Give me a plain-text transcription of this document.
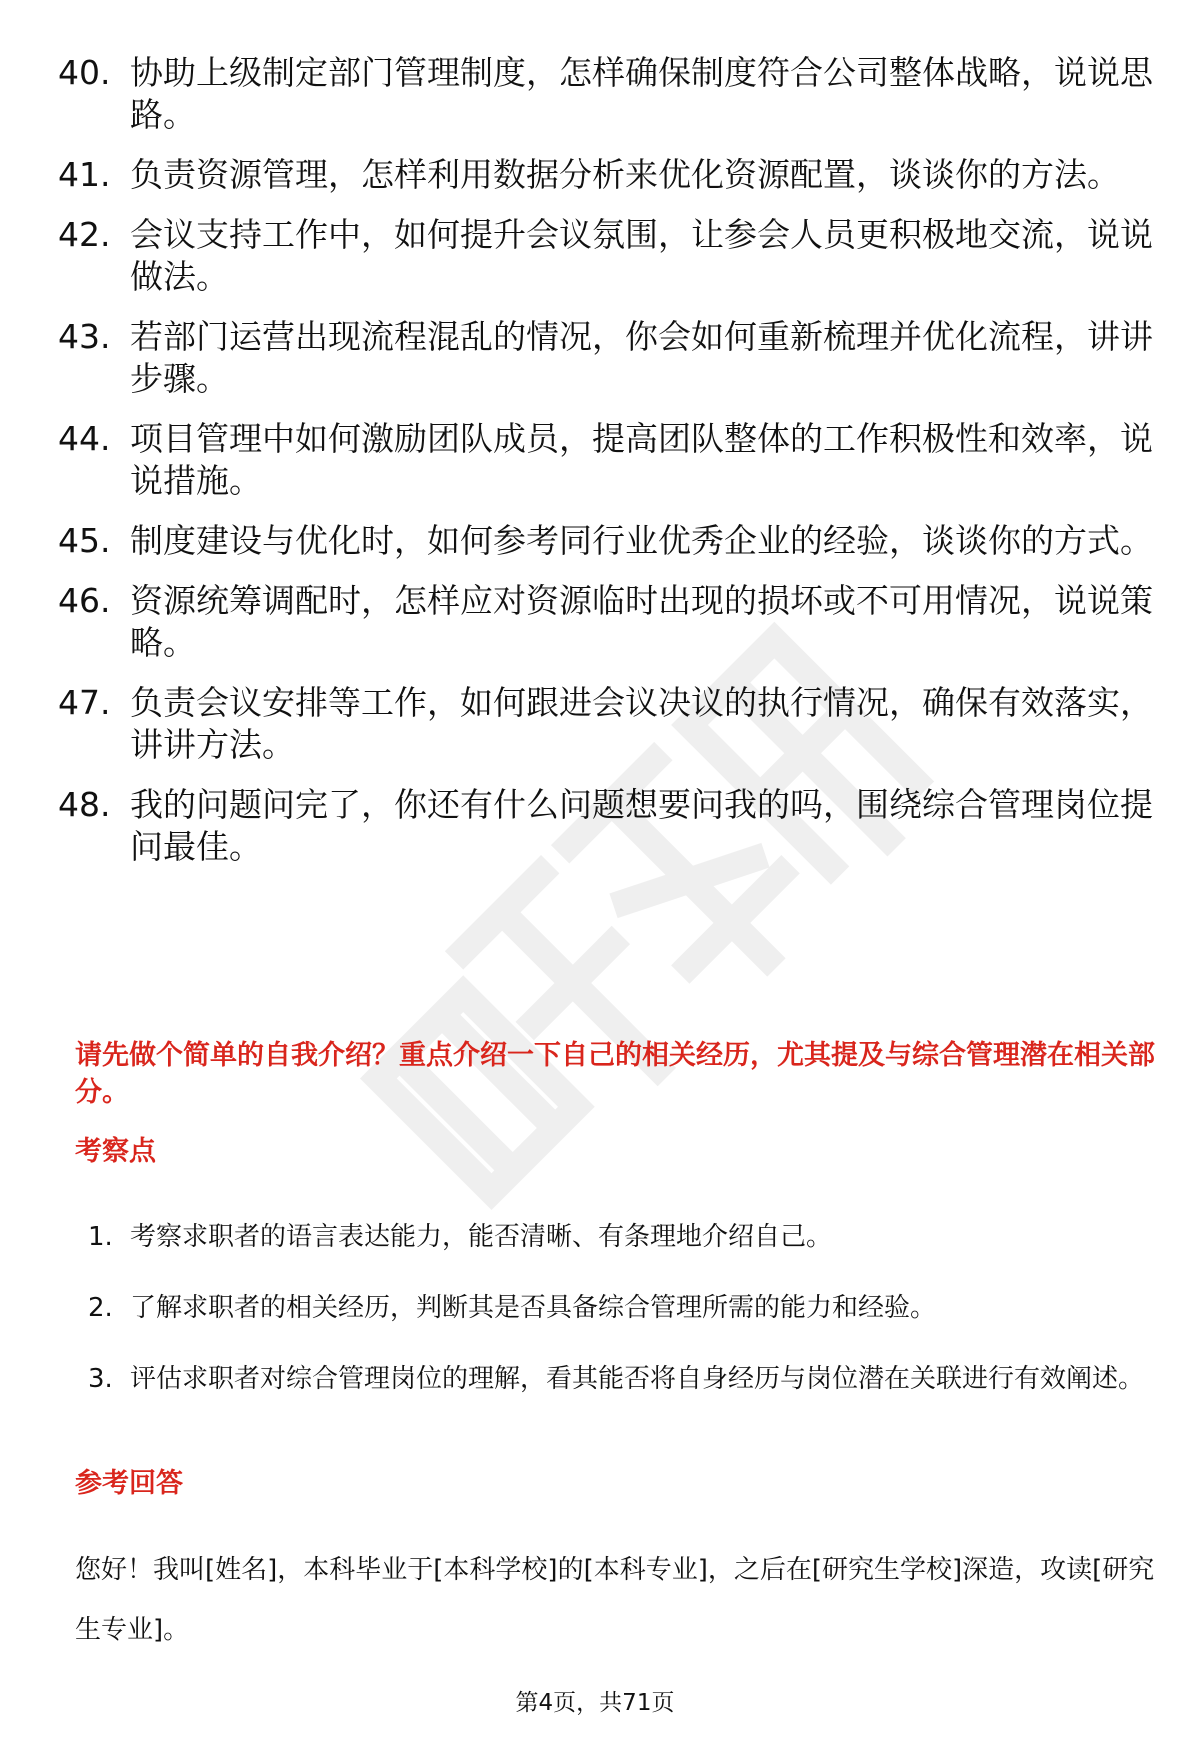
40. 协助上级制定部门管理制度，怎样确保制度符合公司整体战略，说说思路。
41. 负责资源管理，怎样利用数据分析来优化资源配置，谈谈你的方法。
42. 会议支持工作中，如何提升会议氛围，让参会人员更积极地交流，说说做法。
43. 若部门运营出现流程混乱的情况，你会如何重新梳理并优化流程，讲讲步骤。
44. 项目管理中如何激励团队成员，提高团队整体的工作积极性和效率，说说措施。
45. 制度建设与优化时，如何参考同行业优秀企业的经验，谈谈你的方式。
46. 资源统筹调配时，怎样应对资源临时出现的损坏或不可用情况，说说策略。
47. 负责会议安排等工作，如何跟进会议决议的执行情况，确保有效落实，讲讲方法。
48. 我的问题问完了，你还有什么问题想要问我的吗，围绕综合管理岗位提问最佳。
请先做个简单的自我介绍？重点介绍一下自己的相关经历，尤其提及与综合管理潜在相关部分。
考察点
1. 考察求职者的语言表达能力，能否清晰、有条理地介绍自己。
2. 了解求职者的相关经历，判断其是否具备综合管理所需的能力和经验。
3. 评估求职者对综合管理岗位的理解，看其能否将自身经历与岗位潜在关联进行有效阐述。
参考回答
您好！我叫[姓名]，本科毕业于[本科学校]的[本科专业]，之后在[研究生学校]深造，攻读[研究生专业]。
第4页，共71页
